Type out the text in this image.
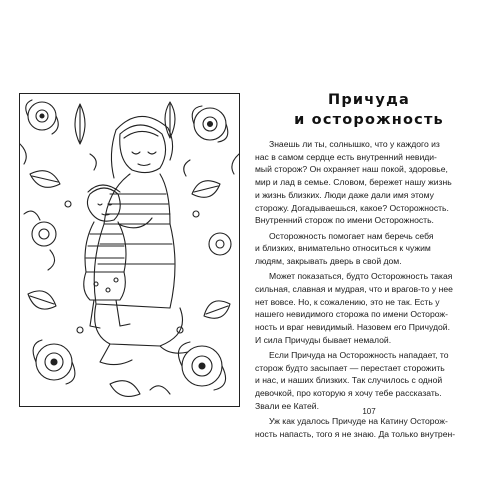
Причуда
и осторожность

Знаешь ли ты, солнышко, что у каждого из
нас в самом сердце есть внутренний невиди-
мый сторож? Он охраняет наш покой, здоровье,
мир и лад в семье. Словом, бережет нашу жизнь
и жизнь близких. Люди даже дали имя этому
сторожу. Догадываешься, какое? Осторожность.
Внутренний сторож по имени Осторожность.

Осторожность помогает нам беречь себя
и близких, внимательно относиться к чужим
людям, закрывать дверь в свой дом.

Может показаться, будто Осторожность такая
сильная, славная и мудрая, что и врагов-то у нее
нет вовсе. Но, к сожалению, это не так. Есть у
нашего невидимого сторожа по имени Осторож-
ность и враг невидимый. Назовем его Причудой.
И сила Причуды бывает немалой.

Если Причуда на Осторожность нападает, то
сторож будто засыпает — перестает сторожить
и нас, и наших близких. Так случилось с одной
девочкой, про которую я хочу тебе рассказать.
Звали ее Катей.

Уж как удалось Причуде на Катину Осторож-
ность напасть, того я не знаю. Да только внутрен-

107
